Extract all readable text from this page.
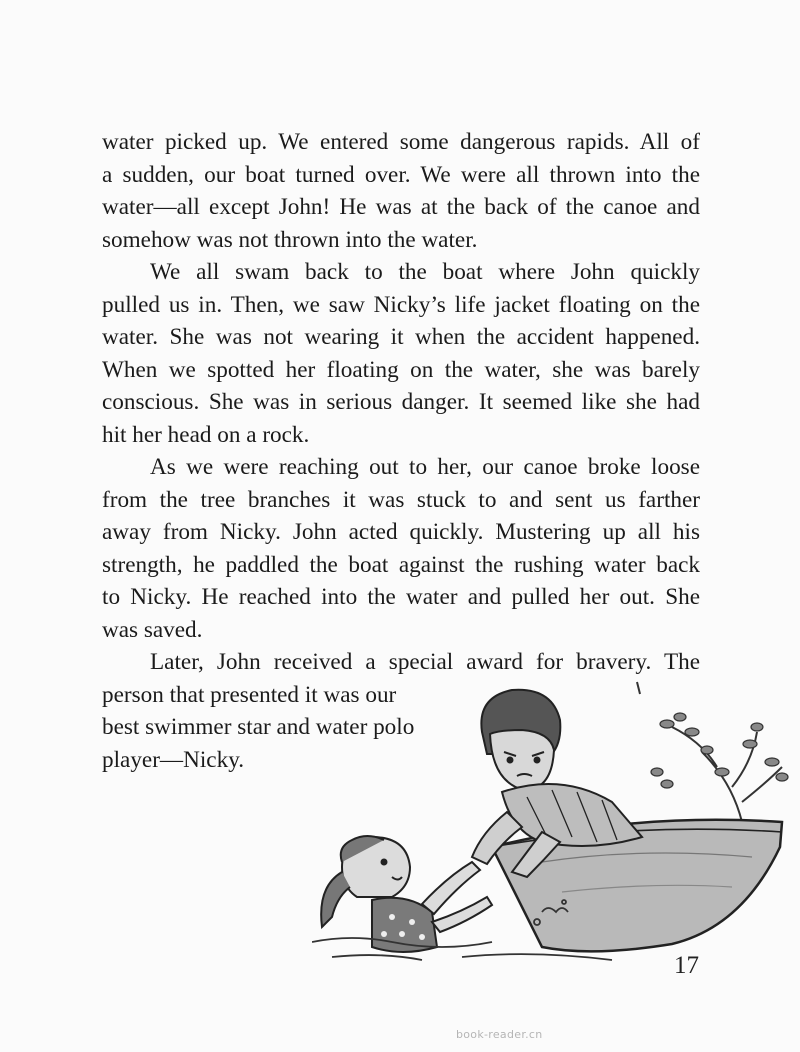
water picked up. We entered some dangerous rapids. All of
a sudden, our boat turned over. We were all thrown into the
water—all except John! He was at the back of the canoe and
somehow was not thrown into the water.

We all swam back to the boat where John quickly
pulled us in. Then, we saw Nicky’s life jacket floating on the
water. She was not wearing it when the accident happened.
When we spotted her floating on the water, she was barely
conscious. She was in serious danger. It seemed like she had
hit her head on a rock.

As we were reaching out to her, our canoe broke loose
from the tree branches it was stuck to and sent us farther
away from Nicky. John acted quickly. Mustering up all his
strength, he paddled the boat against the rushing water back
to Nicky. He reached into the water and pulled her out. She
was saved.

Later, John received a special award for bravery. The
person that presented it was our
best swimmer star and water polo
player—Nicky.

17
book-reader.cn
